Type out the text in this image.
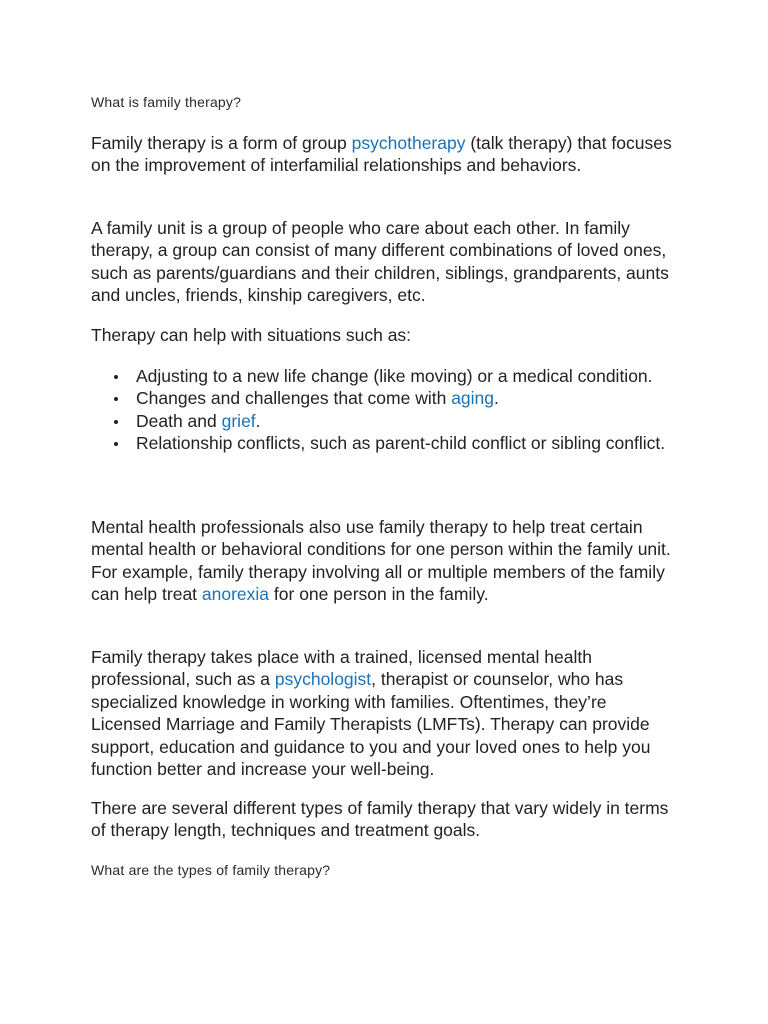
What is family therapy?

Family therapy is a form of group psychotherapy (talk therapy) that focuses on the improvement of interfamilial relationships and behaviors.

A family unit is a group of people who care about each other. In family therapy, a group can consist of many different combinations of loved ones, such as parents/guardians and their children, siblings, grandparents, aunts and uncles, friends, kinship caregivers, etc.

Therapy can help with situations such as:

Adjusting to a new life change (like moving) or a medical condition.
Changes and challenges that come with aging.
Death and grief.
Relationship conflicts, such as parent-child conflict or sibling conflict.

Mental health professionals also use family therapy to help treat certain mental health or behavioral conditions for one person within the family unit. For example, family therapy involving all or multiple members of the family can help treat anorexia for one person in the family.

Family therapy takes place with a trained, licensed mental health professional, such as a psychologist, therapist or counselor, who has specialized knowledge in working with families. Oftentimes, they’re Licensed Marriage and Family Therapists (LMFTs). Therapy can provide support, education and guidance to you and your loved ones to help you function better and increase your well-being.

There are several different types of family therapy that vary widely in terms of therapy length, techniques and treatment goals.

What are the types of family therapy?
